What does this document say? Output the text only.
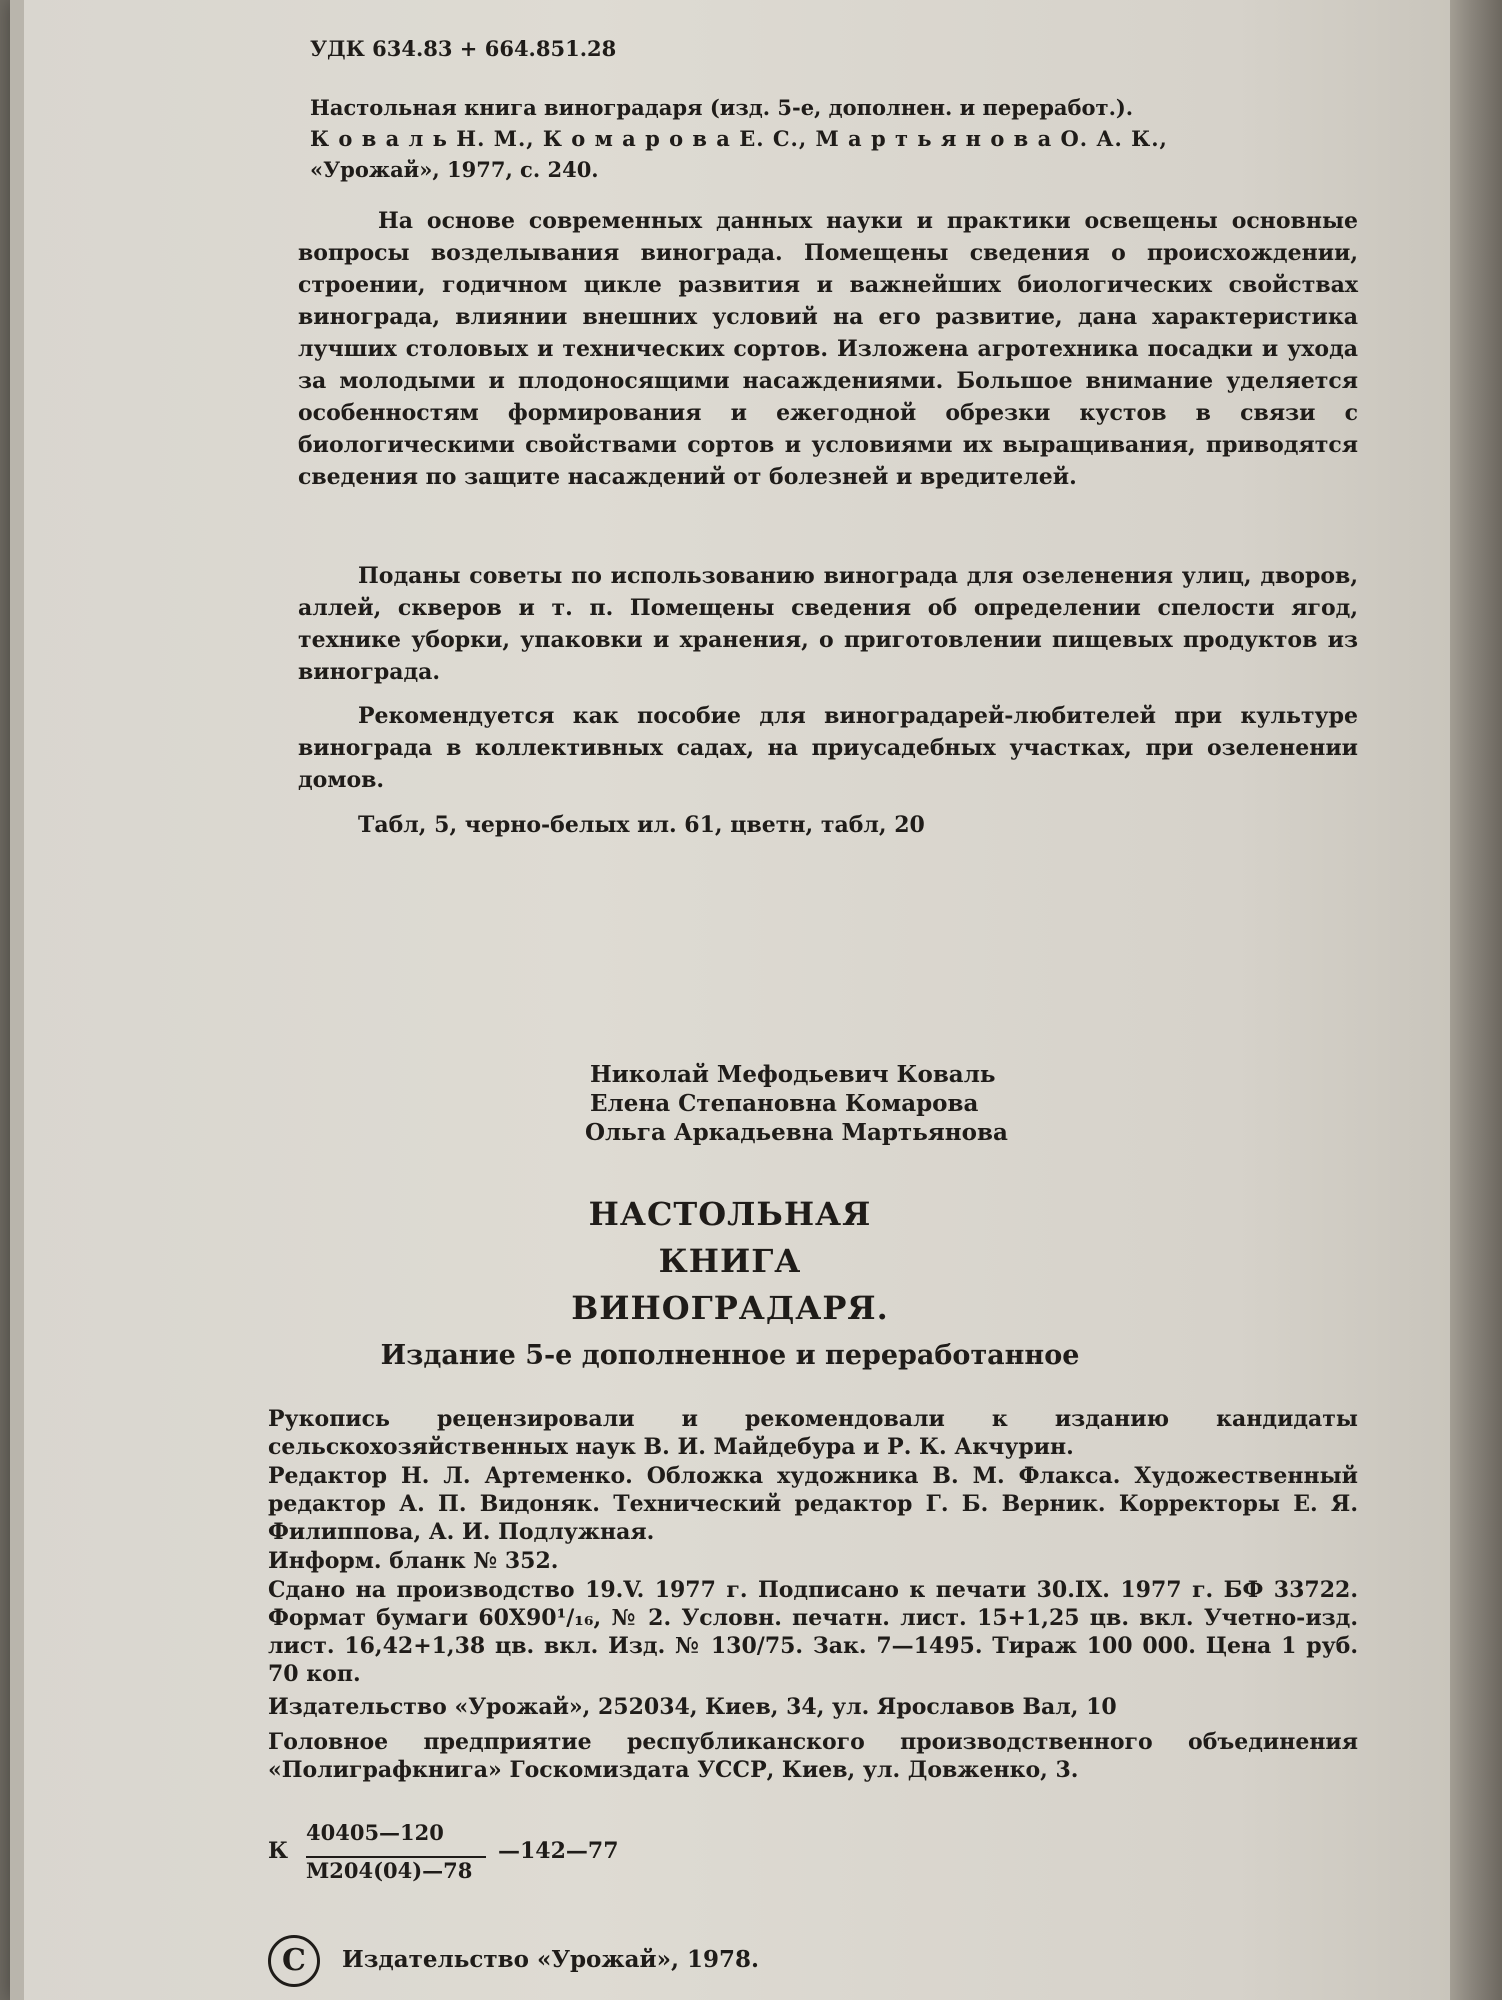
УДК 634.83 + 664.851.28
Настольная книга виноградаря (изд. 5-е, дополнен. и переработ.).
К о в а л ь Н. М., К о м а р о в а Е. С., М а р т ь я н о в а О. А. К.,
«Урожай», 1977, с. 240.
На основе современных данных науки и практики освещены основные вопросы возделывания винограда. Помещены сведения о происхождении, строении, годичном цикле развития и важнейших биологических свойствах винограда, влиянии внешних условий на его развитие, дана характеристика лучших столовых и технических сортов. Изложена агротехника посадки и ухода за молодыми и плодоносящими насаждениями. Большое внимание уделяется особенностям формирования и ежегодной обрезки кустов в связи с биологическими свойствами сортов и условиями их выращивания, приводятся сведения по защите насаждений от болезней и вредителей.
Поданы советы по использованию винограда для озеленения улиц, дворов, аллей, скверов и т. п. Помещены сведения об определении спелости ягод, технике уборки, упаковки и хранения, о приготовлении пищевых продуктов из винограда.
Рекомендуется как пособие для виноградарей-любителей при культуре винограда в коллективных садах, на приусадебных участках, при озеленении домов.
Табл, 5, черно-белых ил. 61, цветн, табл, 20
Николай Мефодьевич Коваль
Елена Степановна Комарова
Ольга Аркадьевна Мартьянова
НАСТОЛЬНАЯ
КНИГА
ВИНОГРАДАРЯ.
Издание 5-е дополненное и переработанное
Рукопись рецензировали и рекомендовали к изданию кандидаты сельскохозяйственных наук В. И. Майдебура и Р. К. Акчурин.
Редактор Н. Л. Артеменко. Обложка художника В. М. Флакса. Художественный редактор А. П. Видоняк. Технический редактор Г. Б. Верник. Корректоры Е. Я. Филиппова, А. И. Подлужная.
Информ. бланк № 352.
Сдано на производство 19.V. 1977 г. Подписано к печати 30.IX. 1977 г. БФ 33722. Формат бумаги 60X90¹/₁₆, № 2. Условн. печатн. лист. 15+1,25 цв. вкл. Учетно-изд. лист. 16,42+1,38 цв. вкл. Изд. № 130/75. Зак. 7—1495. Тираж 100 000. Цена 1 руб. 70 коп.
Издательство «Урожай», 252034, Киев, 34, ул. Ярославов Вал, 10
Головное предприятие республиканского производственного объединения «Полиграфкнига» Госкомиздата УССР, Киев, ул. Довженко, 3.
К
40405—120
М204(04)—78
—142—77
C Издательство «Урожай», 1978.
